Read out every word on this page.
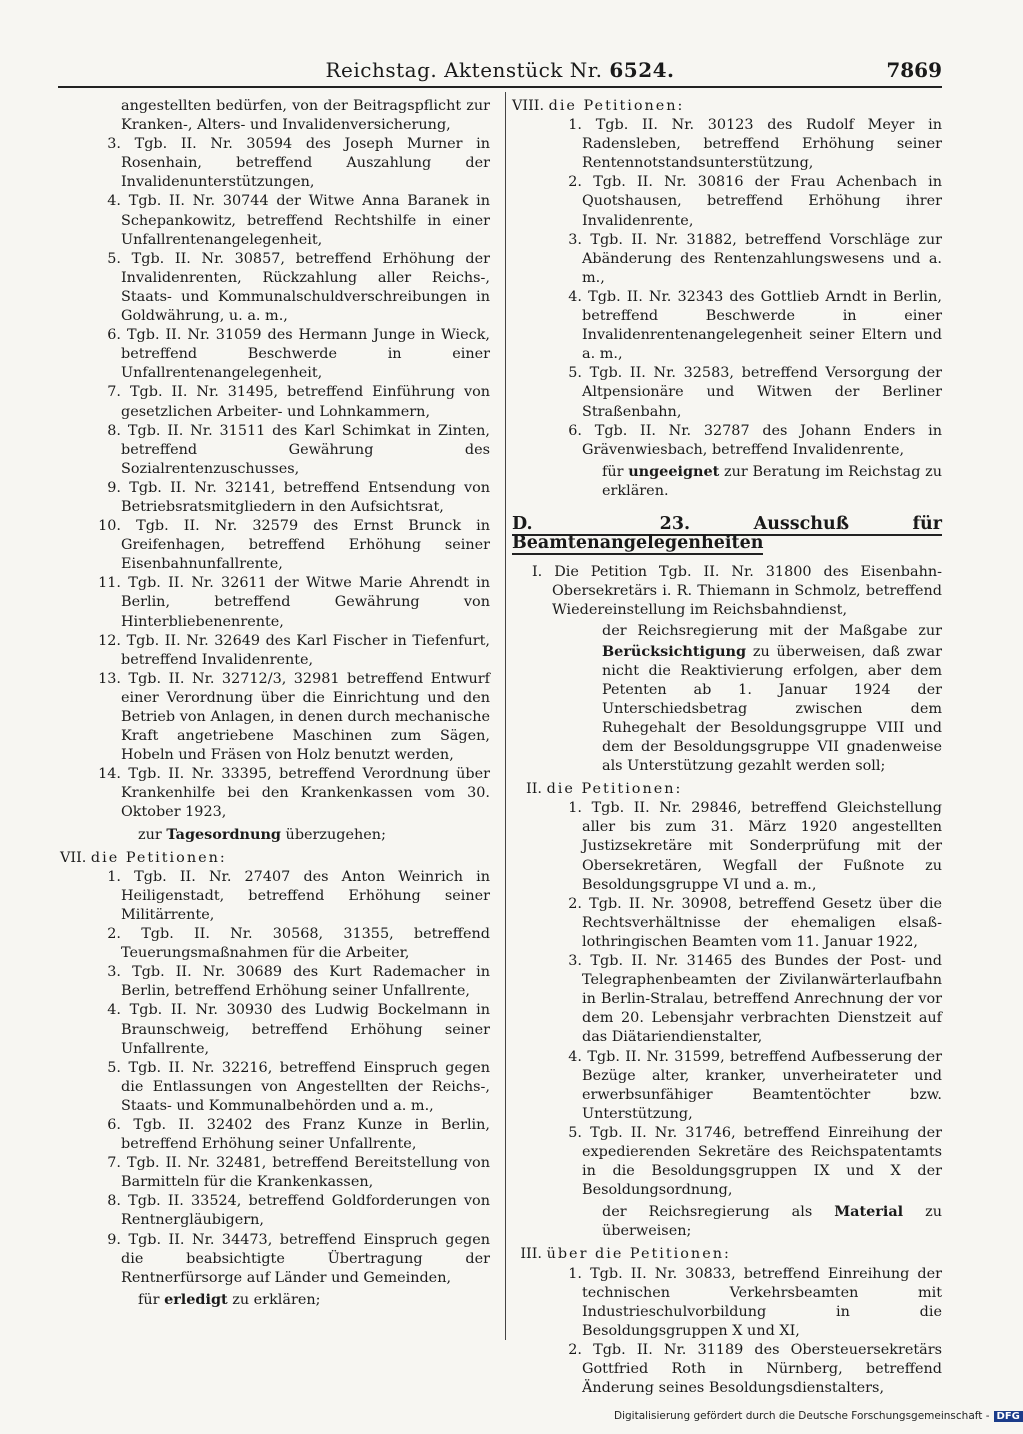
Reichstag. Aktenstück Nr. 6524.	7869
angestellten bedürfen, von der Beitragspflicht zur Kranken-, Alters- und Invalidenversicherung,
3. Tgb. II. Nr. 30594 des Joseph Murner in Rosenhain, betreffend Auszahlung der Invalidenunterstützungen,
4. Tgb. II. Nr. 30744 der Witwe Anna Baranek in Schepankowitz, betreffend Rechtshilfe in einer Unfallrentenangelegenheit,
5. Tgb. II. Nr. 30857, betreffend Erhöhung der Invalidenrenten, Rückzahlung aller Reichs-, Staats- und Kommunalschuldverschreibungen in Goldwährung, u. a. m.,
6. Tgb. II. Nr. 31059 des Hermann Junge in Wieck, betreffend Beschwerde in einer Unfallrentenangelegenheit,
7. Tgb. II. Nr. 31495, betreffend Einführung von gesetzlichen Arbeiter- und Lohnkammern,
8. Tgb. II. Nr. 31511 des Karl Schimkat in Zinten, betreffend Gewährung des Sozialrentenzuschusses,
9. Tgb. II. Nr. 32141, betreffend Entsendung von Betriebsratsmitgliedern in den Aufsichtsrat,
10. Tgb. II. Nr. 32579 des Ernst Brunck in Greifenhagen, betreffend Erhöhung seiner Eisenbahnunfallrente,
11. Tgb. II. Nr. 32611 der Witwe Marie Ahrendt in Berlin, betreffend Gewährung von Hinterbliebenenrente,
12. Tgb. II. Nr. 32649 des Karl Fischer in Tiefenfurt, betreffend Invalidenrente,
13. Tgb. II. Nr. 32712/3, 32981 betreffend Entwurf einer Verordnung über die Einrichtung und den Betrieb von Anlagen, in denen durch mechanische Kraft angetriebene Maschinen zum Sägen, Hobeln und Fräsen von Holz benutzt werden,
14. Tgb. II. Nr. 33395, betreffend Verordnung über Krankenhilfe bei den Krankenkassen vom 30. Oktober 1923,
zur Tagesordnung überzugehen;
VII. die Petitionen:
1. Tgb. II. Nr. 27407 des Anton Weinrich in Heiligenstadt, betreffend Erhöhung seiner Militärrente,
2. Tgb. II. Nr. 30568, 31355, betreffend Teuerungsmaßnahmen für die Arbeiter,
3. Tgb. II. Nr. 30689 des Kurt Rademacher in Berlin, betreffend Erhöhung seiner Unfallrente,
4. Tgb. II. Nr. 30930 des Ludwig Bockelmann in Braunschweig, betreffend Erhöhung seiner Unfallrente,
5. Tgb. II. Nr. 32216, betreffend Einspruch gegen die Entlassungen von Angestellten der Reichs-, Staats- und Kommunalbehörden und a. m.,
6. Tgb. II. 32402 des Franz Kunze in Berlin, betreffend Erhöhung seiner Unfallrente,
7. Tgb. II. Nr. 32481, betreffend Bereitstellung von Barmitteln für die Krankenkassen,
8. Tgb. II. 33524, betreffend Goldforderungen von Rentnergläubigern,
9. Tgb. II. Nr. 34473, betreffend Einspruch gegen die beabsichtigte Übertragung der Rentnerfürsorge auf Länder und Gemeinden,
für erledigt zu erklären;
VIII. die Petitionen:
1. Tgb. II. Nr. 30123 des Rudolf Meyer in Radensleben, betreffend Erhöhung seiner Rentennotstandsunterstützung,
2. Tgb. II. Nr. 30816 der Frau Achenbach in Quotshausen, betreffend Erhöhung ihrer Invalidenrente,
3. Tgb. II. Nr. 31882, betreffend Vorschläge zur Abänderung des Rentenzahlungswesens und a. m.,
4. Tgb. II. Nr. 32343 des Gottlieb Arndt in Berlin, betreffend Beschwerde in einer Invalidenrentenangelegenheit seiner Eltern und a. m.,
5. Tgb. II. Nr. 32583, betreffend Versorgung der Altpensionäre und Witwen der Berliner Straßenbahn,
6. Tgb. II. Nr. 32787 des Johann Enders in Grävenwiesbach, betreffend Invalidenrente,
für ungeeignet zur Beratung im Reichstag zu erklären.
D.	23. Ausschuß für Beamtenangelegenheiten
I. Die Petition Tgb. II. Nr. 31800 des Eisenbahn-Obersekretärs i. R. Thiemann in Schmolz, betreffend Wiedereinstellung im Reichsbahndienst,
der Reichsregierung mit der Maßgabe zur Berücksichtigung zu überweisen, daß zwar nicht die Reaktivierung erfolgen, aber dem Petenten ab 1. Januar 1924 der Unterschiedsbetrag zwischen dem Ruhegehalt der Besoldungsgruppe VIII und dem der Besoldungsgruppe VII gnadenweise als Unterstützung gezahlt werden soll;
II. die Petitionen:
1. Tgb. II. Nr. 29846, betreffend Gleichstellung aller bis zum 31. März 1920 angestellten Justizsekretäre mit Sonderprüfung mit der Obersekretären, Wegfall der Fußnote zu Besoldungsgruppe VI und a. m.,
2. Tgb. II. Nr. 30908, betreffend Gesetz über die Rechtsverhältnisse der ehemaligen elsaß-lothringischen Beamten vom 11. Januar 1922,
3. Tgb. II. Nr. 31465 des Bundes der Post- und Telegraphenbeamten der Zivilanwärterlaufbahn in Berlin-Stralau, betreffend Anrechnung der vor dem 20. Lebensjahr verbrachten Dienstzeit auf das Diätariendienstalter,
4. Tgb. II. Nr. 31599, betreffend Aufbesserung der Bezüge alter, kranker, unverheirateter und erwerbsunfähiger Beamtentöchter bzw. Unterstützung,
5. Tgb. II. Nr. 31746, betreffend Einreihung der expedierenden Sekretäre des Reichspatentamts in die Besoldungsgruppen IX und X der Besoldungsordnung,
der Reichsregierung als Material zu überweisen;
III. über die Petitionen:
1. Tgb. II. Nr. 30833, betreffend Einreihung der technischen Verkehrsbeamten mit Industrieschulvorbildung in die Besoldungsgruppen X und XI,
2. Tgb. II. Nr. 31189 des Obersteuersekretärs Gottfried Roth in Nürnberg, betreffend Änderung seines Besoldungsdienstalters,
Digitalisierung gefördert durch die Deutsche Forschungsgemeinschaft - DFG
